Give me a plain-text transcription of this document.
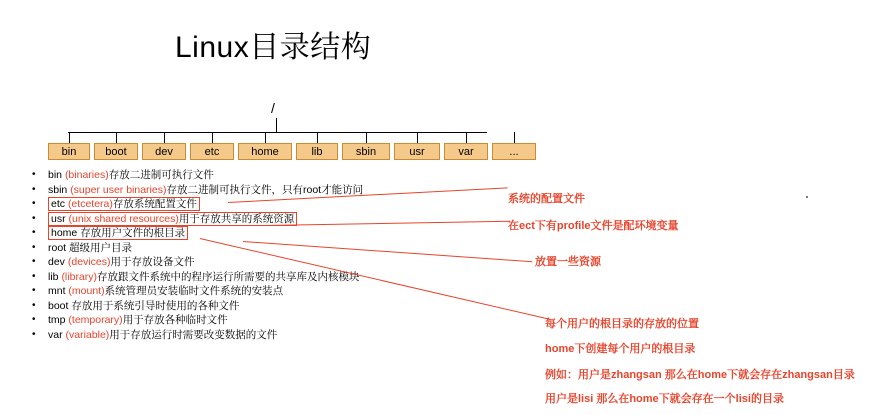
Linux目录结构
/
bin	boot	dev	etc	home	lib	sbin	usr	var	...
•	bin (binaries)存放二进制可执行文件
•	sbin (super user binaries)存放二进制可执行文件，只有root才能访问
•	etc (etcetera)存放系统配置文件
•	usr (unix shared resources)用于存放共享的系统资源
•	home 存放用户文件的根目录
•	root 超级用户目录
•	dev (devices)用于存放设备文件
•	lib (library)存放跟文件系统中的程序运行所需要的共享库及内核模块
•	mnt (mount)系统管理员安装临时文件系统的安装点
•	boot 存放用于系统引导时使用的各种文件
•	tmp (temporary)用于存放各种临时文件
•	var (variable)用于存放运行时需要改变数据的文件
系统的配置文件
在ect下有profile文件是配环境变量
放置一些资源
每个用户的根目录的存放的位置
home下创建每个用户的根目录
例如：用户是zhangsan 那么在home下就会存在zhangsan目录
用户是lisi 那么在home下就会存在一个lisi的目录
